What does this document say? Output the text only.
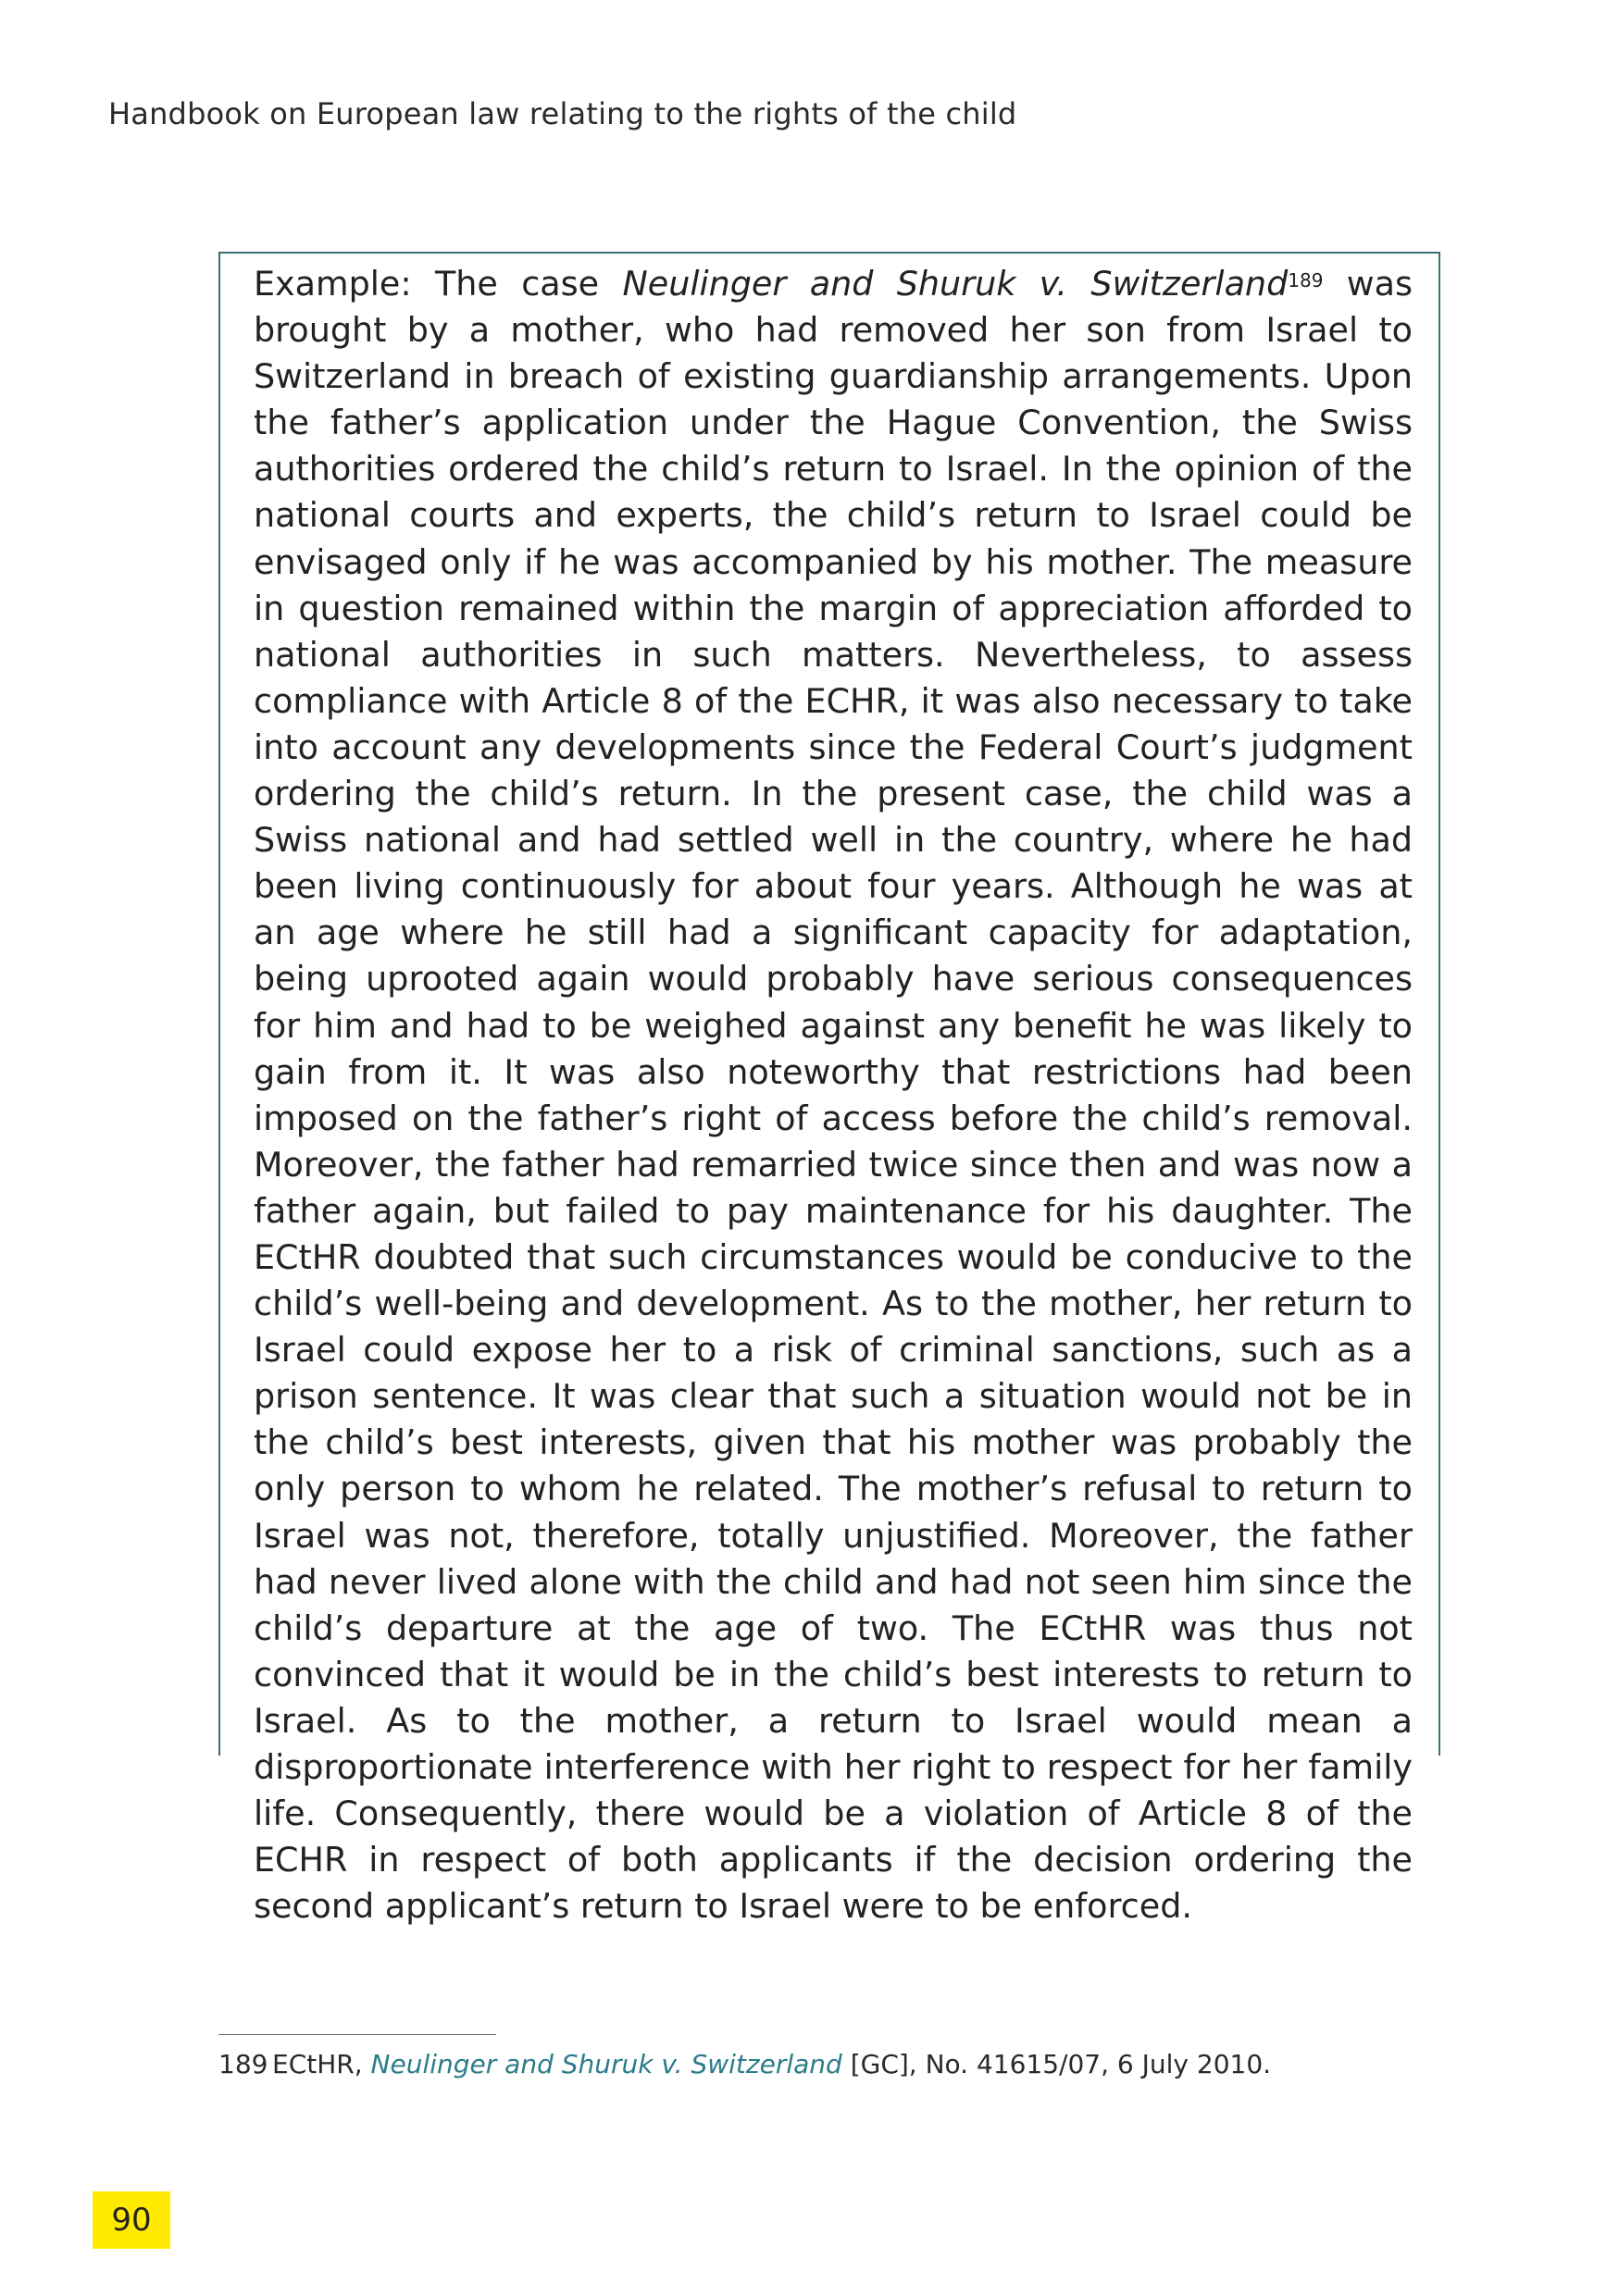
Handbook on European law relating to the rights of the child
Example: The case Neulinger and Shuruk v. Switzerland$^{189}$ was brought by a mother, who had removed her son from Israel to Switzerland in breach of existing guardianship arrangements. Upon the father’s application under the Hague Convention, the Swiss authorities ordered the child’s return to Israel. In the opinion of the national courts and experts, the child’s return to Israel could be envisaged only if he was accompanied by his mother. The measure in question remained within the margin of appreciation afforded to national authorities in such matters. Nevertheless, to assess compliance with Article 8 of the ECHR, it was also necessary to take into account any developments since the Federal Court’s judgment ordering the child’s return. In the present case, the child was a Swiss national and had settled well in the country, where he had been living continuously for about four years. Although he was at an age where he still had a significant capacity for adaptation, being uprooted again would probably have serious consequences for him and had to be weighed against any benefit he was likely to gain from it. It was also noteworthy that restrictions had been imposed on the father’s right of access before the child’s removal. Moreover, the father had remarried twice since then and was now a father again, but failed to pay maintenance for his daughter. The ECtHR doubted that such circumstances would be conducive to the child’s well-being and development. As to the mother, her return to Israel could expose her to a risk of criminal sanctions, such as a prison sentence. It was clear that such a situation would not be in the child’s best interests, given that his mother was probably the only person to whom he related. The mother’s refusal to return to Israel was not, therefore, totally unjustified. Moreover, the father had never lived alone with the child and had not seen him since the child’s departure at the age of two. The ECtHR was thus not convinced that it would be in the child’s best interests to return to Israel. As to the mother, a return to Israel would mean a disproportionate interference with her right to respect for her family life. Consequently, there would be a violation of Article 8 of the ECHR in respect of both applicants if the decision ordering the second applicant’s return to Israel were to be enforced.
189 ECtHR, Neulinger and Shuruk v. Switzerland [GC], No. 41615/07, 6 July 2010.
90
